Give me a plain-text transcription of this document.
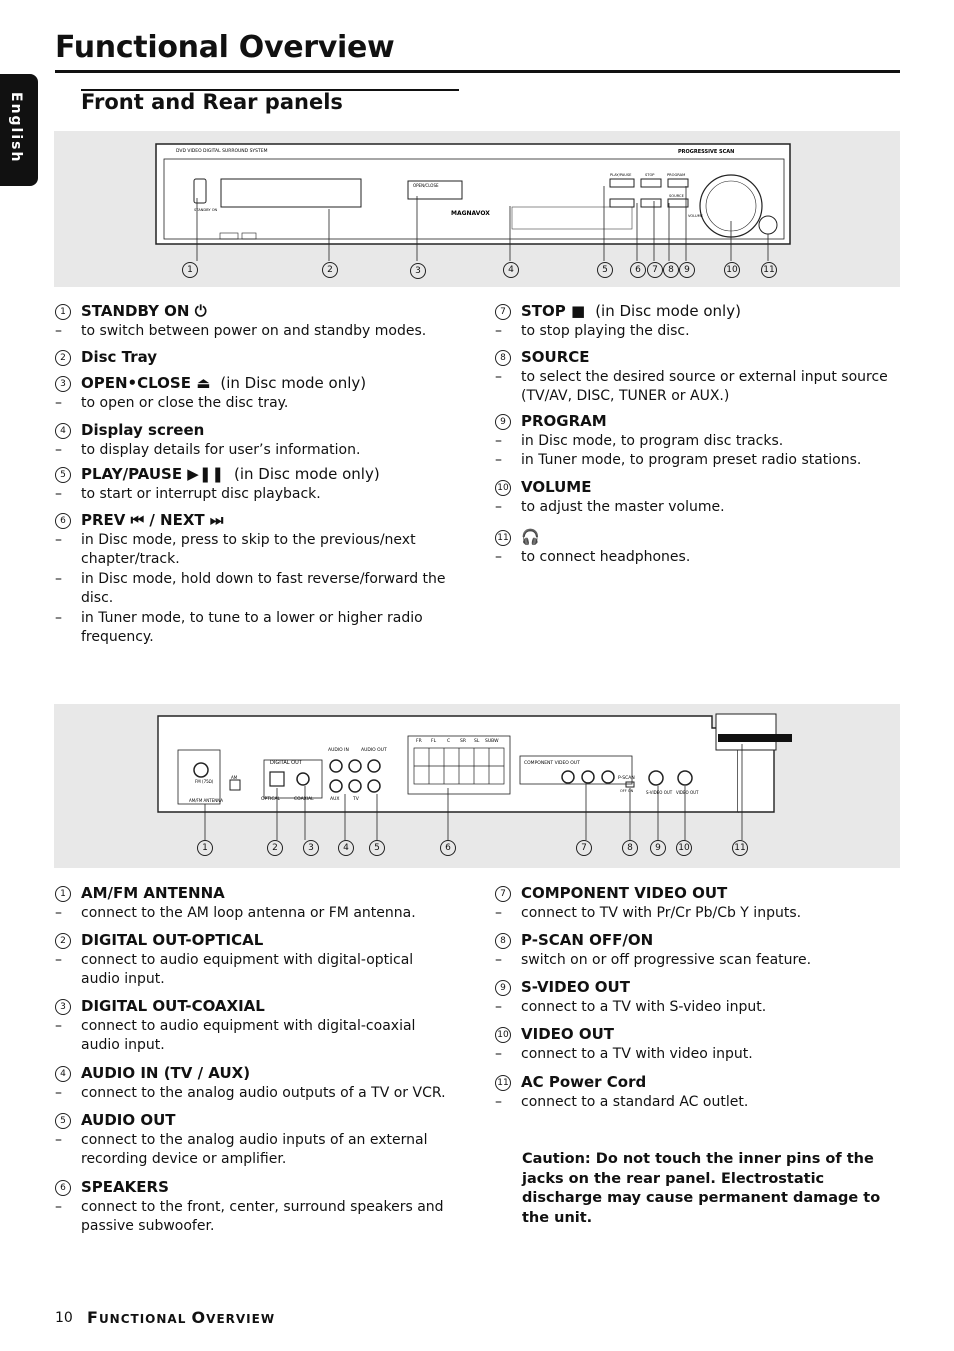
Functional Overview
English	Front and Rear panels
DVD VIDEO DIGITAL SURROUND SYSTEM	PROGRESSIVE SCAN
MAGNAVOX
OPEN/CLOSE
PLAY/PAUSE	STOP	PROGRAM
SOURCE
VOLUME
STANDBY ON
1	2	3	4	5	6	7	8	9	10	11
1	STANDBY ON ⏻
– to switch between power on and standby modes.
2	Disc Tray
3	OPEN•CLOSE ⏏ (in Disc mode only)
– to open or close the disc tray.
4	Display screen
– to display details for user’s information.
5	PLAY/PAUSE ▶❚❚ (in Disc mode only)
– to start or interrupt disc playback.
6	PREV ⏮ / NEXT ⏭
– in Disc mode, press to skip to the previous/next chapter/track.
– in Disc mode, hold down to fast reverse/forward the disc.
– in Tuner mode, to tune to a lower or higher radio frequency.
7	STOP ■ (in Disc mode only)
– to stop playing the disc.
8	SOURCE
– to select the desired source or external input source (TV/AV, DISC, TUNER or AUX.)
9	PROGRAM
– in Disc mode, to program disc tracks.
– in Tuner mode, to program preset radio stations.
10 VOLUME
– to adjust the master volume.
11 🎧
– to connect headphones.
FM (75Ω)
AM
AM/FM ANTENNA
DIGITAL OUT
OPTICAL	COAXIAL
AUDIO IN	AUDIO OUT
AUX	TV
COMPONENT VIDEO OUT
P-SCAN
OFF ON	S-VIDEO OUT VIDEO OUT
FR FL C SR SL SUBW
1	2	3	4	5	6	7	8	9	10	11
1	AM/FM ANTENNA
– connect to the AM loop antenna or FM antenna.
2	DIGITAL OUT-OPTICAL
– connect to audio equipment with digital-optical audio input.
3	DIGITAL OUT-COAXIAL
– connect to audio equipment with digital-coaxial audio input.
4	AUDIO IN (TV / AUX)
– connect to the analog audio outputs of a TV or VCR.
5	AUDIO OUT
– connect to the analog audio inputs of an external recording device or amplifier.
6	SPEAKERS
– connect to the front, center, surround speakers and passive subwoofer.
7	COMPONENT VIDEO OUT
– connect to TV with Pr/Cr Pb/Cb Y inputs.
8	P-SCAN OFF/ON
– switch on or off progressive scan feature.
9	S-VIDEO OUT
– connect to a TV with S-video input.
10 VIDEO OUT
– connect to a TV with video input.
11 AC Power Cord
– connect to a standard AC outlet.
Caution: Do not touch the inner pins of the jacks on the rear panel. Electrostatic discharge may cause permanent damage to the unit.
10 FUNCTIONAL OVERVIEW
